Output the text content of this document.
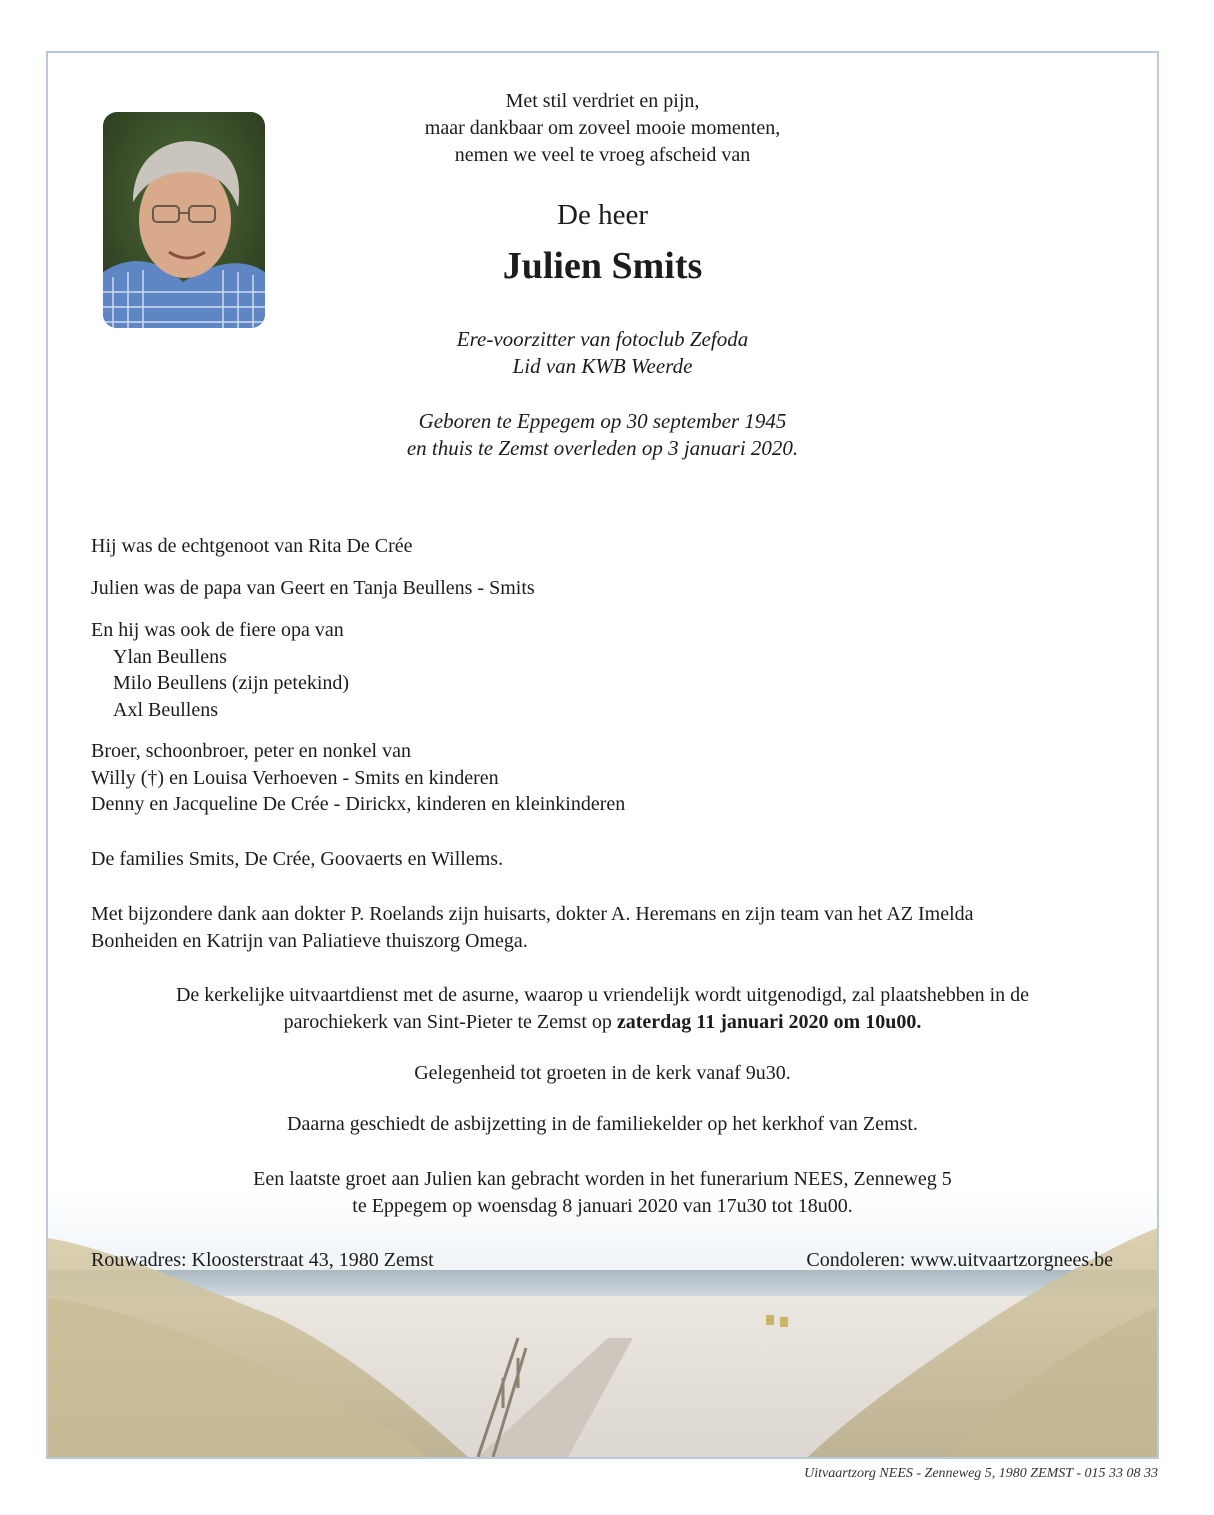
Met stil verdriet en pijn,
maar dankbaar om zoveel mooie momenten,
nemen we veel te vroeg afscheid van
De heer
Julien Smits
Ere-voorzitter van fotoclub Zefoda
Lid van KWB Weerde
Geboren te Eppegem op 30 september 1945
en thuis te Zemst overleden op 3 januari 2020.
Hij was de echtgenoot van Rita De Crée
Julien was de papa van Geert en Tanja Beullens - Smits
En hij was ook de fiere opa van
Ylan Beullens
Milo Beullens (zijn petekind)
Axl Beullens
Broer, schoonbroer, peter en nonkel van
Willy (†) en Louisa Verhoeven - Smits en kinderen
Denny en Jacqueline De Crée - Dirickx, kinderen en kleinkinderen
De families Smits, De Crée, Goovaerts en Willems.
Met bijzondere dank aan dokter P. Roelands zijn huisarts, dokter A. Heremans en zijn team van het AZ Imelda
Bonheiden en Katrijn van Paliatieve thuiszorg Omega.
De kerkelijke uitvaartdienst met de asurne, waarop u vriendelijk wordt uitgenodigd, zal plaatshebben in de
parochiekerk van Sint-Pieter te Zemst op zaterdag 11 januari 2020 om 10u00.
Gelegenheid tot groeten in de kerk vanaf 9u30.
Daarna geschiedt de asbijzetting in de familiekelder op het kerkhof van Zemst.
Een laatste groet aan Julien kan gebracht worden in het funerarium NEES, Zenneweg 5
te Eppegem op woensdag 8 januari 2020 van 17u30 tot 18u00.
Rouwadres: Kloosterstraat 43, 1980 Zemst	Condoleren: www.uitvaartzorgnees.be
Uitvaartzorg NEES - Zenneweg 5, 1980 ZEMST - 015 33 08 33
